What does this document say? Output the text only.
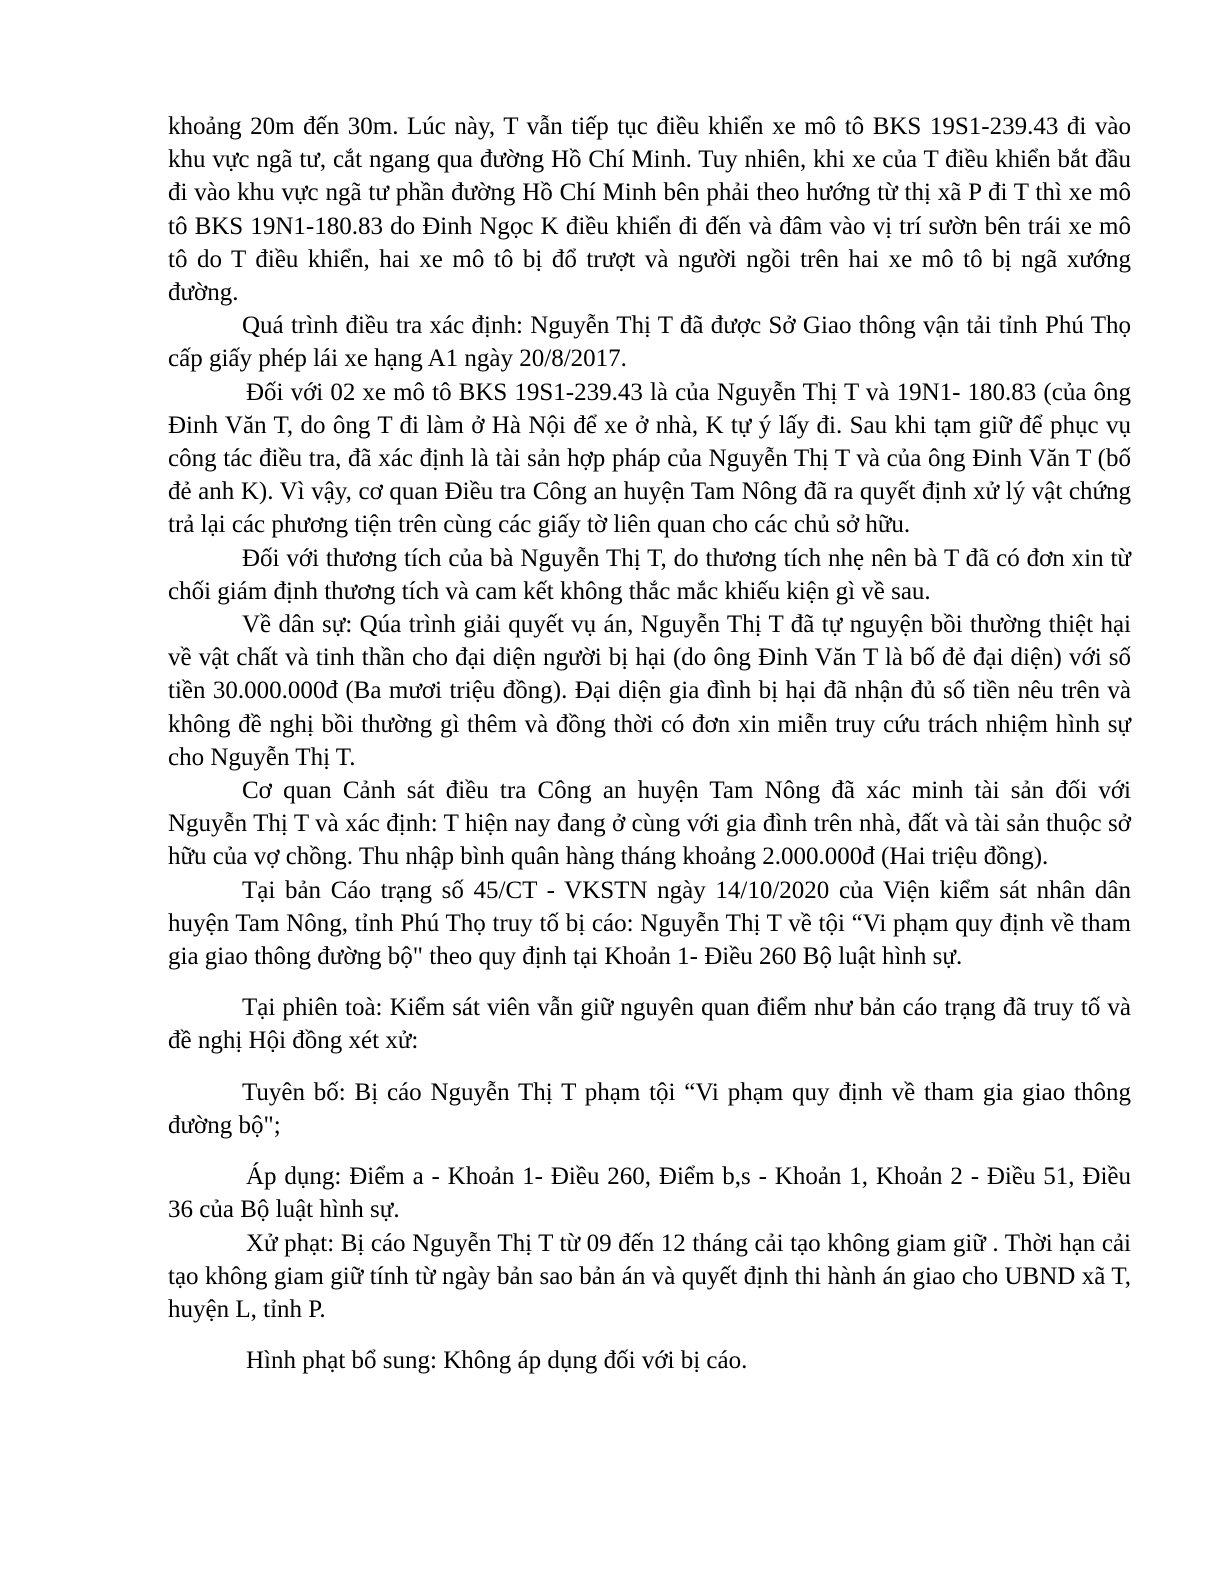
khoảng 20m đến 30m. Lúc này, T vẫn tiếp tục điều khiển xe mô tô BKS 19S1-239.43 đi vào khu vực ngã tư, cắt ngang qua đường Hồ Chí Minh. Tuy nhiên, khi xe của T điều khiển bắt đầu đi vào khu vực ngã tư phần đường Hồ Chí Minh bên phải theo hướng từ thị xã P đi T thì xe mô tô BKS 19N1-180.83 do Đinh Ngọc K điều khiển đi đến và đâm vào vị trí sườn bên trái xe mô tô do T điều khiển, hai xe mô tô bị đổ trượt và người ngồi trên hai xe mô tô bị ngã xướng đường.

Quá trình điều tra xác định: Nguyễn Thị T đã được Sở Giao thông vận tải tỉnh Phú Thọ cấp giấy phép lái xe hạng A1 ngày 20/8/2017.

Đối với 02 xe mô tô BKS 19S1-239.43 là của Nguyễn Thị T và 19N1- 180.83 (của ông Đinh Văn T, do ông T đi làm ở Hà Nội để xe ở nhà, K tự ý lấy đi. Sau khi tạm giữ để phục vụ công tác điều tra, đã xác định là tài sản hợp pháp của Nguyễn Thị T và của ông Đinh Văn T (bố đẻ anh K). Vì vậy, cơ quan Điều tra Công an huyện Tam Nông đã ra quyết định xử lý vật chứng trả lại các phương tiện trên cùng các giấy tờ liên quan cho các chủ sở hữu.

Đối với thương tích của bà Nguyễn Thị T, do thương tích nhẹ nên bà T đã có đơn xin từ chối giám định thương tích và cam kết không thắc mắc khiếu kiện gì về sau.

Về dân sự: Qúa trình giải quyết vụ án, Nguyễn Thị T đã tự nguyện bồi thường thiệt hại về vật chất và tinh thần cho đại diện người bị hại (do ông Đinh Văn T là bố đẻ đại diện) với số tiền 30.000.000đ (Ba mươi triệu đồng). Đại diện gia đình bị hại đã nhận đủ số tiền nêu trên và không đề nghị bồi thường gì thêm và đồng thời có đơn xin miễn truy cứu trách nhiệm hình sự cho Nguyễn Thị T.

Cơ quan Cảnh sát điều tra Công an huyện Tam Nông đã xác minh tài sản đối với Nguyễn Thị T và xác định: T hiện nay đang ở cùng với gia đình trên nhà, đất và tài sản thuộc sở hữu của vợ chồng. Thu nhập bình quân hàng tháng khoảng 2.000.000đ (Hai triệu đồng).

Tại bản Cáo trạng số 45/CT - VKSTN ngày 14/10/2020 của Viện kiểm sát nhân dân huyện Tam Nông, tỉnh Phú Thọ truy tố bị cáo: Nguyễn Thị T về tội “Vi phạm quy định về tham gia giao thông đường bộ" theo quy định tại Khoản 1- Điều 260 Bộ luật hình sự.

Tại phiên toà: Kiểm sát viên vẫn giữ nguyên quan điểm như bản cáo trạng đã truy tố và đề nghị Hội đồng xét xử:

Tuyên bố: Bị cáo Nguyễn Thị T phạm tội “Vi phạm quy định về tham gia giao thông đường bộ";

Áp dụng: Điểm a - Khoản 1- Điều 260, Điểm b,s - Khoản 1, Khoản 2 - Điều 51, Điều 36 của Bộ luật hình sự.

Xử phạt: Bị cáo Nguyễn Thị T từ 09 đến 12 tháng cải tạo không giam giữ . Thời hạn cải tạo không giam giữ tính từ ngày bản sao bản án và quyết định thi hành án giao cho UBND xã T, huyện L, tỉnh P.

Hình phạt bổ sung: Không áp dụng đối với bị cáo.
